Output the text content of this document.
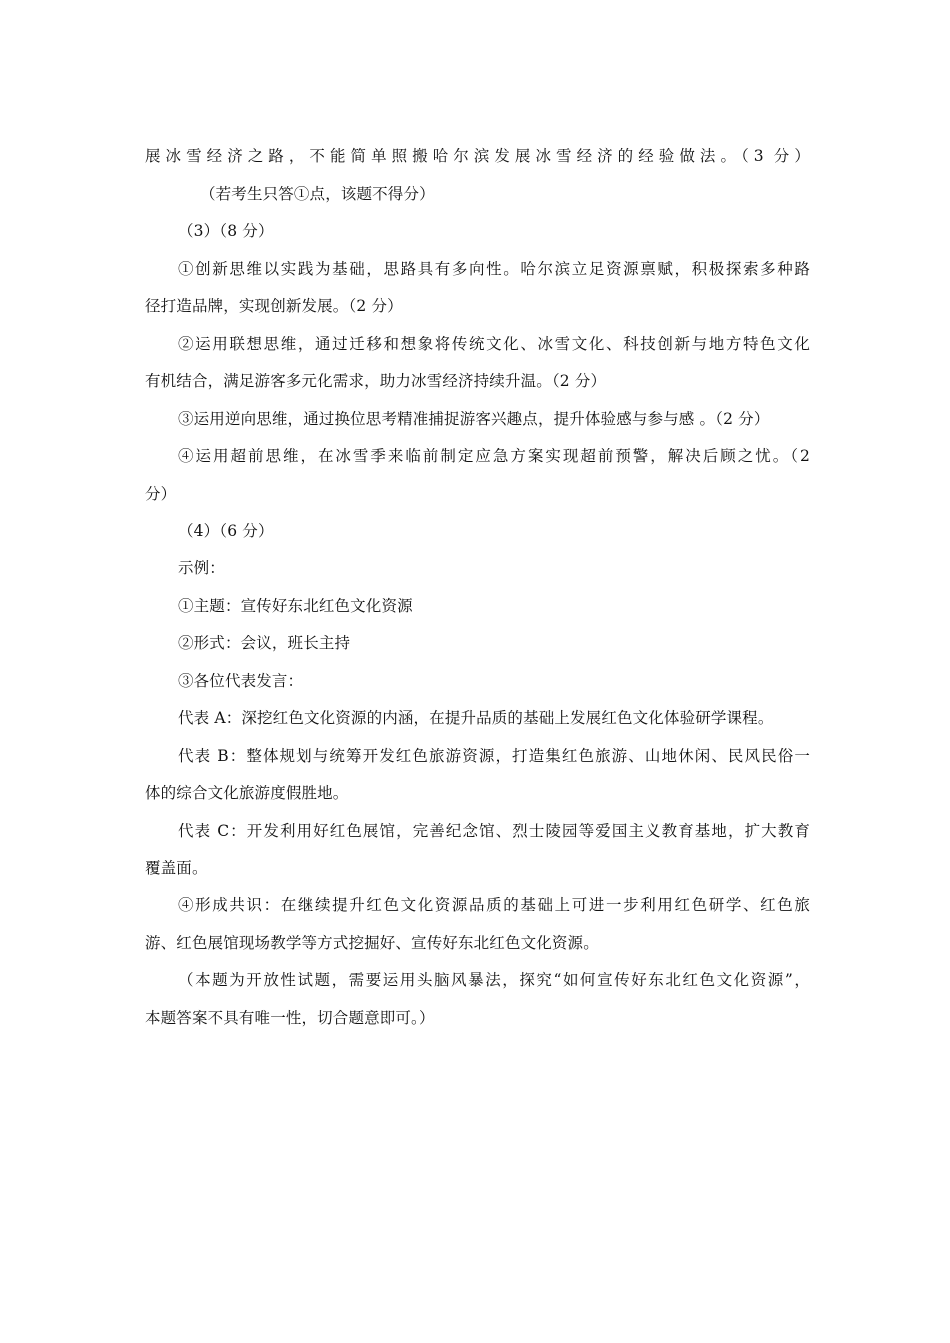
展冰雪经济之路，不能简单照搬哈尔滨发展冰雪经济的经验做法。（3 分）
（若考生只答①点，该题不得分）
（3）（8 分）
①创新思维以实践为基础，思路具有多向性。哈尔滨立足资源禀赋，积极探索多种路
径打造品牌，实现创新发展。（2 分）
②运用联想思维，通过迁移和想象将传统文化、冰雪文化、科技创新与地方特色文化
有机结合，满足游客多元化需求，助力冰雪经济持续升温。（2 分）
③运用逆向思维，通过换位思考精准捕捉游客兴趣点，提升体验感与参与感 。（2 分）
④运用超前思维，在冰雪季来临前制定应急方案实现超前预警，解决后顾之忧。（2
分）
（4）（6 分）
示例：
①主题：宣传好东北红色文化资源
②形式：会议，班长主持
③各位代表发言：
代表 A：深挖红色文化资源的内涵，在提升品质的基础上发展红色文化体验研学课程。
代表 B：整体规划与统筹开发红色旅游资源，打造集红色旅游、山地休闲、民风民俗一
体的综合文化旅游度假胜地。
代表 C：开发利用好红色展馆，完善纪念馆、烈士陵园等爱国主义教育基地，扩大教育
覆盖面。
④形成共识：在继续提升红色文化资源品质的基础上可进一步利用红色研学、红色旅
游、红色展馆现场教学等方式挖掘好、宣传好东北红色文化资源。
（本题为开放性试题，需要运用头脑风暴法，探究“如何宣传好东北红色文化资源”，
本题答案不具有唯一性，切合题意即可。）
